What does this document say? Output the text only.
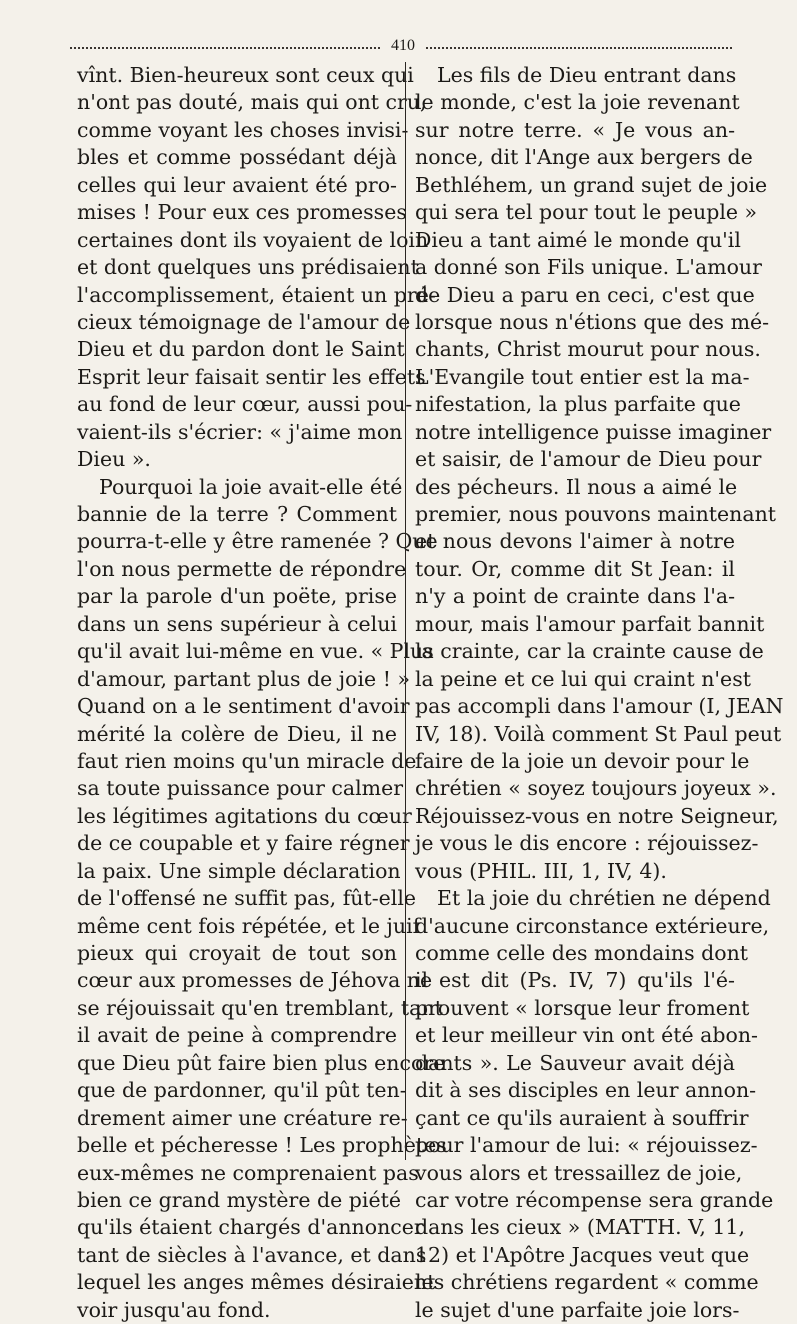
410
vînt. Bien-heureux sont ceux qui
n'ont pas douté, mais qui ont cru,
comme voyant les choses invisi-
bles et comme possédant déjà
celles qui leur avaient été pro-
mises ! Pour eux ces promesses
certaines dont ils voyaient de loin
et dont quelques uns prédisaient
l'accomplissement, étaient un pré-
cieux témoignage de l'amour de
Dieu et du pardon dont le Saint
Esprit leur faisait sentir les effets
au fond de leur cœur, aussi pou-
vaient-ils s'écrier: « j'aime mon
Dieu ».
Pourquoi la joie avait-elle été
bannie de la terre ? Comment
pourra-t-elle y être ramenée ? Que
l'on nous permette de répondre
par la parole d'un poëte, prise
dans un sens supérieur à celui
qu'il avait lui-même en vue. « Plus
d'amour, partant plus de joie ! »
Quand on a le sentiment d'avoir
mérité la colère de Dieu, il ne
faut rien moins qu'un miracle de
sa toute puissance pour calmer
les légitimes agitations du cœur
de ce coupable et y faire régner
la paix. Une simple déclaration
de l'offensé ne suffit pas, fût-elle
même cent fois répétée, et le juif
pieux qui croyait de tout son
cœur aux promesses de Jéhova ne
se réjouissait qu'en tremblant, tant
il avait de peine à comprendre
que Dieu pût faire bien plus encore
que de pardonner, qu'il pût ten-
drement aimer une créature re-
belle et pécheresse ! Les prophètes
eux-mêmes ne comprenaient pas
bien ce grand mystère de piété
qu'ils étaient chargés d'annoncer
tant de siècles à l'avance, et dans
lequel les anges mêmes désiraient
voir jusqu'au fond.
Les fils de Dieu entrant dans
le monde, c'est la joie revenant
sur notre terre. « Je vous an-
nonce, dit l'Ange aux bergers de
Bethléhem, un grand sujet de joie
qui sera tel pour tout le peuple »
Dieu a tant aimé le monde qu'il
a donné son Fils unique. L'amour
de Dieu a paru en ceci, c'est que
lorsque nous n'étions que des mé-
chants, Christ mourut pour nous.
L'Evangile tout entier est la ma-
nifestation, la plus parfaite que
notre intelligence puisse imaginer
et saisir, de l'amour de Dieu pour
des pécheurs. Il nous a aimé le
premier, nous pouvons maintenant
et nous devons l'aimer à notre
tour. Or, comme dit St Jean: il
n'y a point de crainte dans l'a-
mour, mais l'amour parfait bannit
la crainte, car la crainte cause de
la peine et ce lui qui craint n'est
pas accompli dans l'amour (I, JEAN
IV, 18). Voilà comment St Paul peut
faire de la joie un devoir pour le
chrétien « soyez toujours joyeux ».
Réjouissez-vous en notre Seigneur,
je vous le dis encore : réjouissez-
vous (PHIL. III, 1, IV, 4).
Et la joie du chrétien ne dépend
d'aucune circonstance extérieure,
comme celle des mondains dont
il est dit (Ps. IV, 7) qu'ils l'é-
prouvent « lorsque leur froment
et leur meilleur vin ont été abon-
dants ». Le Sauveur avait déjà
dit à ses disciples en leur annon-
çant ce qu'ils auraient à souffrir
pour l'amour de lui: « réjouissez-
vous alors et tressaillez de joie,
car votre récompense sera grande
dans les cieux » (MATTH. V, 11,
12) et l'Apôtre Jacques veut que
les chrétiens regardent « comme
le sujet d'une parfaite joie lors-
